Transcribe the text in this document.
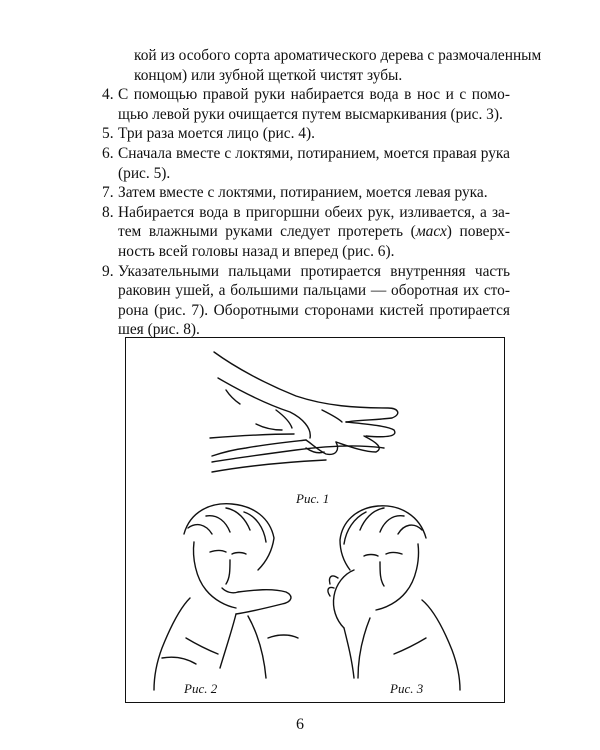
кой из особого сорта ароматического дерева с размочаленным
концом) или зубной щеткой чистят зубы.
4. С помощью правой руки набирается вода в нос и с помо-
щью левой руки очищается путем высмаркивания (рис. 3).
5. Три раза моется лицо (рис. 4).
6. Сначала вместе с локтями, потиранием, моется правая рука
(рис. 5).
7. Затем вместе с локтями, потиранием, моется левая рука.
8. Набирается вода в пригоршни обеих рук, изливается, а за-
тем влажными руками следует протереть (масх) поверх-
ность всей головы назад и вперед (рис. 6).
9. Указательными пальцами протирается внутренняя часть
раковин ушей, а большими пальцами — оборотная их сто-
рона (рис. 7). Оборотными сторонами кистей протирается
шея (рис. 8).
Рис. 1
Рис. 2	Рис. 3
6
